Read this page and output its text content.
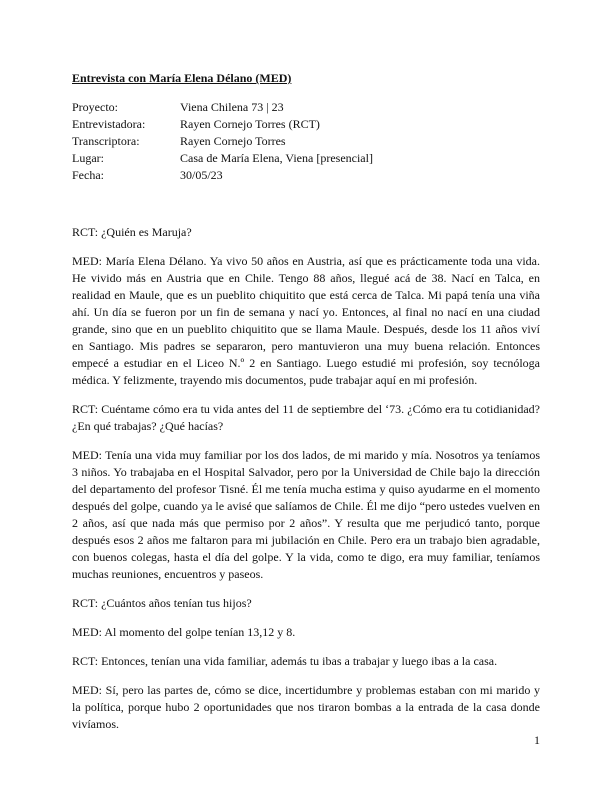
Entrevista con María Elena Délano (MED)
Proyecto:	Viena Chilena 73 | 23
Entrevistadora:	Rayen Cornejo Torres (RCT)
Transcriptora:	Rayen Cornejo Torres
Lugar:	Casa de María Elena, Viena [presencial]
Fecha:	30/05/23

RCT: ¿Quién es Maruja?

MED: María Elena Délano. Ya vivo 50 años en Austria, así que es prácticamente toda una vida. He vivido más en Austria que en Chile. Tengo 88 años, llegué acá de 38. Nací en Talca, en realidad en Maule, que es un pueblito chiquitito que está cerca de Talca. Mi papá tenía una viña ahí. Un día se fueron por un fin de semana y nací yo. Entonces, al final no nací en una ciudad grande, sino que en un pueblito chiquitito que se llama Maule. Después, desde los 11 años viví en Santiago. Mis padres se separaron, pero mantuvieron una muy buena relación. Entonces empecé a estudiar en el Liceo N.º 2 en Santiago. Luego estudié mi profesión, soy tecnóloga médica. Y felizmente, trayendo mis documentos, pude trabajar aquí en mi profesión.

RCT: Cuéntame cómo era tu vida antes del 11 de septiembre del ‘73. ¿Cómo era tu cotidianidad? ¿En qué trabajas? ¿Qué hacías?

MED: Tenía una vida muy familiar por los dos lados, de mi marido y mía. Nosotros ya teníamos 3 niños. Yo trabajaba en el Hospital Salvador, pero por la Universidad de Chile bajo la dirección del departamento del profesor Tisné. Él me tenía mucha estima y quiso ayudarme en el momento después del golpe, cuando ya le avisé que salíamos de Chile. Él me dijo “pero ustedes vuelven en 2 años, así que nada más que permiso por 2 años”. Y resulta que me perjudicó tanto, porque después esos 2 años me faltaron para mi jubilación en Chile. Pero era un trabajo bien agradable, con buenos colegas, hasta el día del golpe. Y la vida, como te digo, era muy familiar, teníamos muchas reuniones, encuentros y paseos.

RCT: ¿Cuántos años tenían tus hijos?

MED: Al momento del golpe tenían 13,12 y 8.

RCT: Entonces, tenían una vida familiar, además tu ibas a trabajar y luego ibas a la casa.

MED: Sí, pero las partes de, cómo se dice, incertidumbre y problemas estaban con mi marido y la política, porque hubo 2 oportunidades que nos tiraron bombas a la entrada de la casa donde vivíamos.

1
